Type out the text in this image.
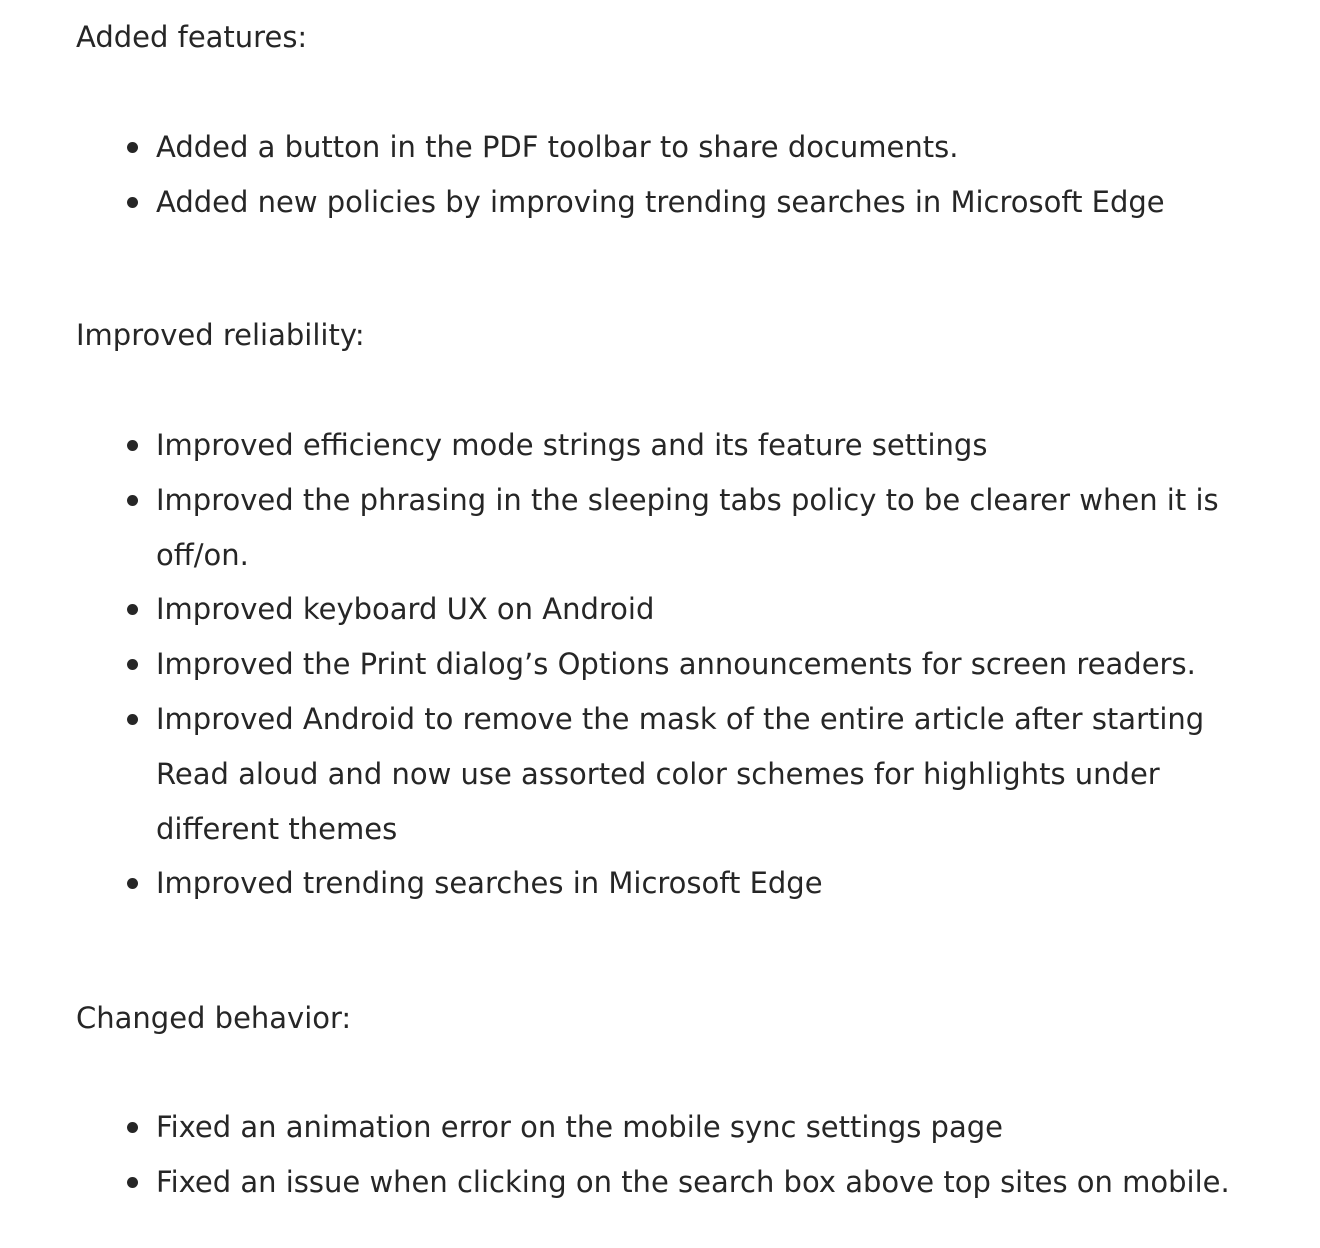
Added features:
Added a button in the PDF toolbar to share documents.
Added new policies by improving trending searches in Microsoft Edge
Improved reliability:
Improved efficiency mode strings and its feature settings
Improved the phrasing in the sleeping tabs policy to be clearer when it is off/on.
Improved keyboard UX on Android
Improved the Print dialog’s Options announcements for screen readers.
Improved Android to remove the mask of the entire article after starting Read aloud and now use assorted color schemes for highlights under different themes
Improved trending searches in Microsoft Edge
Changed behavior:
Fixed an animation error on the mobile sync settings page
Fixed an issue when clicking on the search box above top sites on mobile.
